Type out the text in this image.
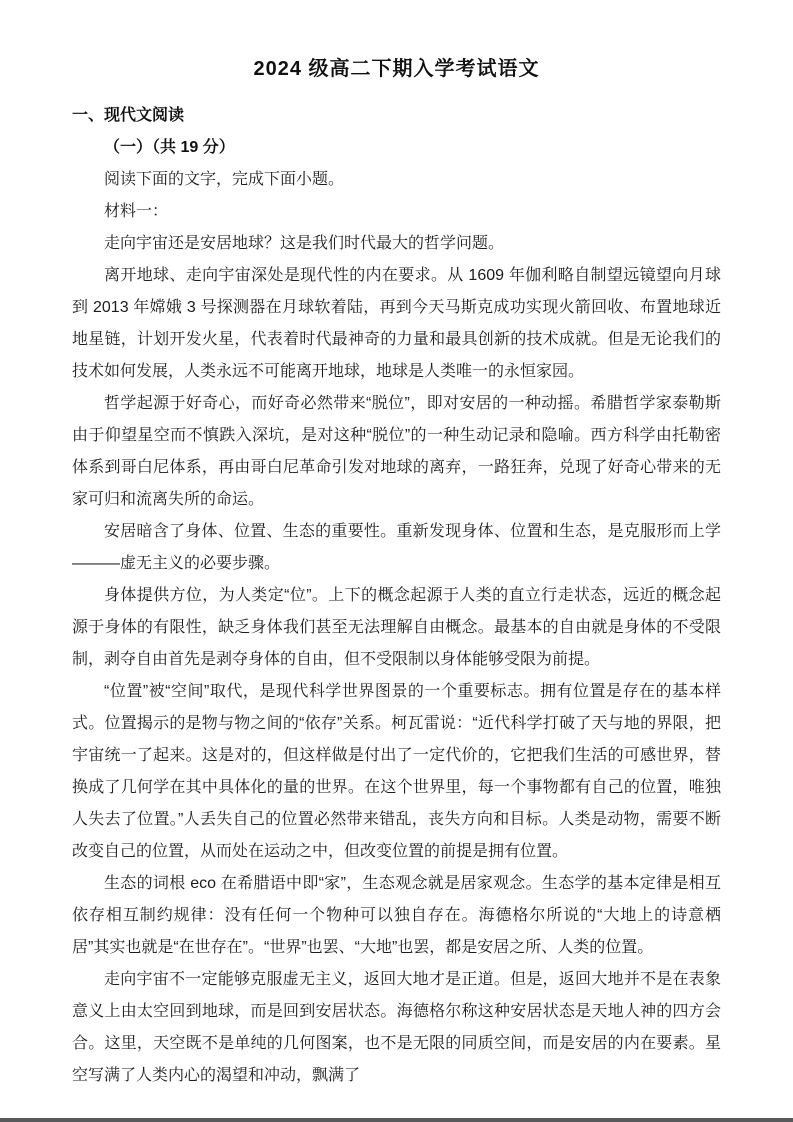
2024 级高二下期入学考试语文
一、现代文阅读
（一）（共 19 分）

阅读下面的文字，完成下面小题。

材料一：

走向宇宙还是安居地球？这是我们时代最大的哲学问题。

离开地球、走向宇宙深处是现代性的内在要求。从 1609 年伽利略自制望远镜望向月球到 2013 年嫦娥 3 号探测器在月球软着陆，再到今天马斯克成功实现火箭回收、布置地球近地星链，计划开发火星，代表着时代最神奇的力量和最具创新的技术成就。但是无论我们的技术如何发展，人类永远不可能离开地球，地球是人类唯一的永恒家园。

哲学起源于好奇心，而好奇必然带来“脱位”，即对安居的一种动摇。希腊哲学家泰勒斯由于仰望星空而不慎跌入深坑，是对这种“脱位”的一种生动记录和隐喻。西方科学由托勒密体系到哥白尼体系，再由哥白尼革命引发对地球的离弃，一路狂奔，兑现了好奇心带来的无家可归和流离失所的命运。

安居暗含了身体、位置、生态的重要性。重新发现身体、位置和生态，是克服形而上学———虚无主义的必要步骤。

身体提供方位，为人类定“位”。上下的概念起源于人类的直立行走状态，远近的概念起源于身体的有限性，缺乏身体我们甚至无法理解自由概念。最基本的自由就是身体的不受限制，剥夺自由首先是剥夺身体的自由，但不受限制以身体能够受限为前提。

“位置”被“空间”取代，是现代科学世界图景的一个重要标志。拥有位置是存在的基本样式。位置揭示的是物与物之间的“依存”关系。柯瓦雷说：“近代科学打破了天与地的界限，把宇宙统一了起来。这是对的，但这样做是付出了一定代价的，它把我们生活的可感世界，替换成了几何学在其中具体化的量的世界。在这个世界里，每一个事物都有自己的位置，唯独人失去了位置。”人丢失自己的位置必然带来错乱，丧失方向和目标。人类是动物，需要不断改变自己的位置，从而处在运动之中，但改变位置的前提是拥有位置。

生态的词根 eco 在希腊语中即“家”，生态观念就是居家观念。生态学的基本定律是相互依存相互制约规律：没有任何一个物种可以独自存在。海德格尔所说的“大地上的诗意栖居”其实也就是“在世存在”。“世界”也罢、“大地”也罢，都是安居之所、人类的位置。

走向宇宙不一定能够克服虚无主义，返回大地才是正道。但是，返回大地并不是在表象意义上由太空回到地球，而是回到安居状态。海德格尔称这种安居状态是天地人神的四方会合。这里，天空既不是单纯的几何图案，也不是无限的同质空间，而是安居的内在要素。星空写满了人类内心的渴望和冲动，飘满了
